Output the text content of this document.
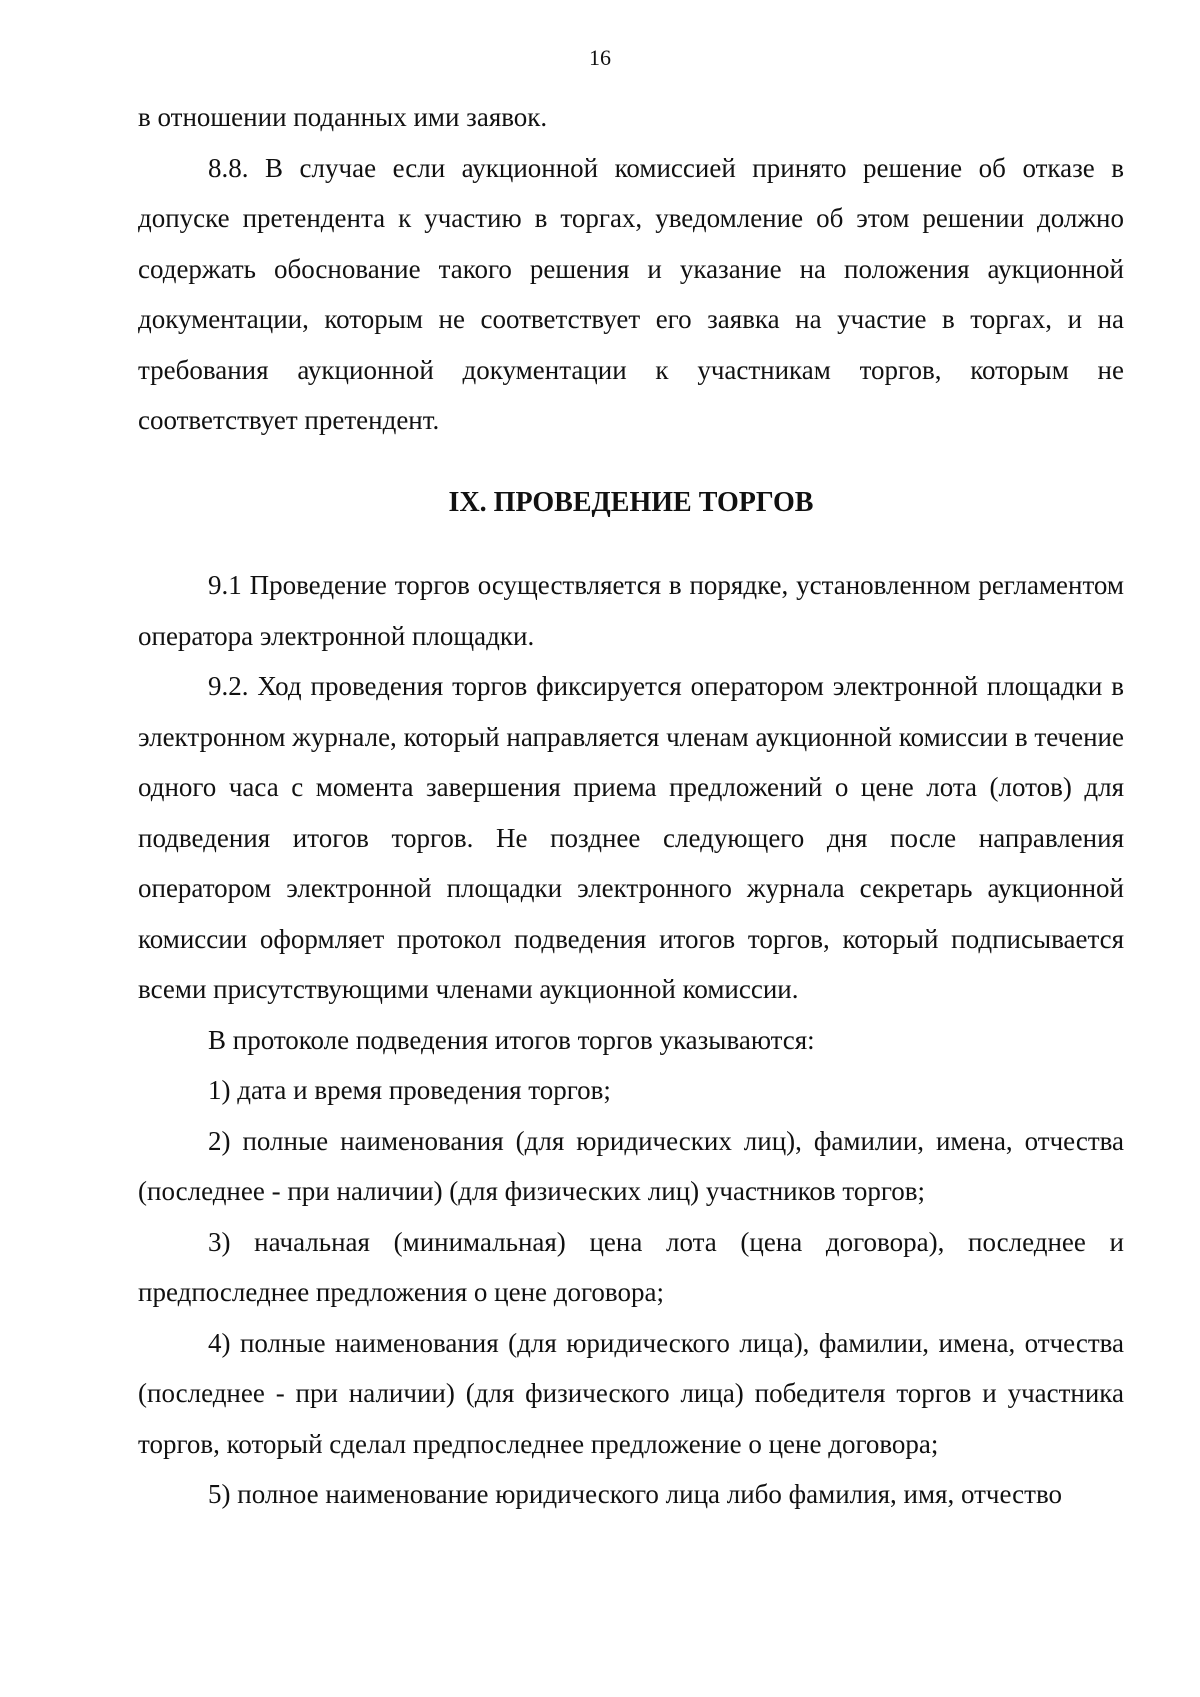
16

в отношении поданных ими заявок.

8.8. В случае если аукционной комиссией принято решение об отказе в допуске претендента к участию в торгах, уведомление об этом решении должно содержать обоснование такого решения и указание на положения аукционной документации, которым не соответствует его заявка на участие в торгах, и на требования аукционной документации к участникам торгов, которым не соответствует претендент.

IX. ПРОВЕДЕНИЕ ТОРГОВ

9.1 Проведение торгов осуществляется в порядке, установленном регламентом оператора электронной площадки.

9.2. Ход проведения торгов фиксируется оператором электронной площадки в электронном журнале, который направляется членам аукционной комиссии в течение одного часа с момента завершения приема предложений о цене лота (лотов) для подведения итогов торгов. Не позднее следующего дня после направления оператором электронной площадки электронного журнала секретарь аукционной комиссии оформляет протокол подведения итогов торгов, который подписывается всеми присутствующими членами аукционной комиссии.

В протоколе подведения итогов торгов указываются:

1) дата и время проведения торгов;

2) полные наименования (для юридических лиц), фамилии, имена, отчества (последнее - при наличии) (для физических лиц) участников торгов;

3) начальная (минимальная) цена лота (цена договора), последнее и предпоследнее предложения о цене договора;

4) полные наименования (для юридического лица), фамилии, имена, отчества (последнее - при наличии) (для физического лица) победителя торгов и участника торгов, который сделал предпоследнее предложение о цене договора;

5) полное наименование юридического лица либо фамилия, имя, отчество
